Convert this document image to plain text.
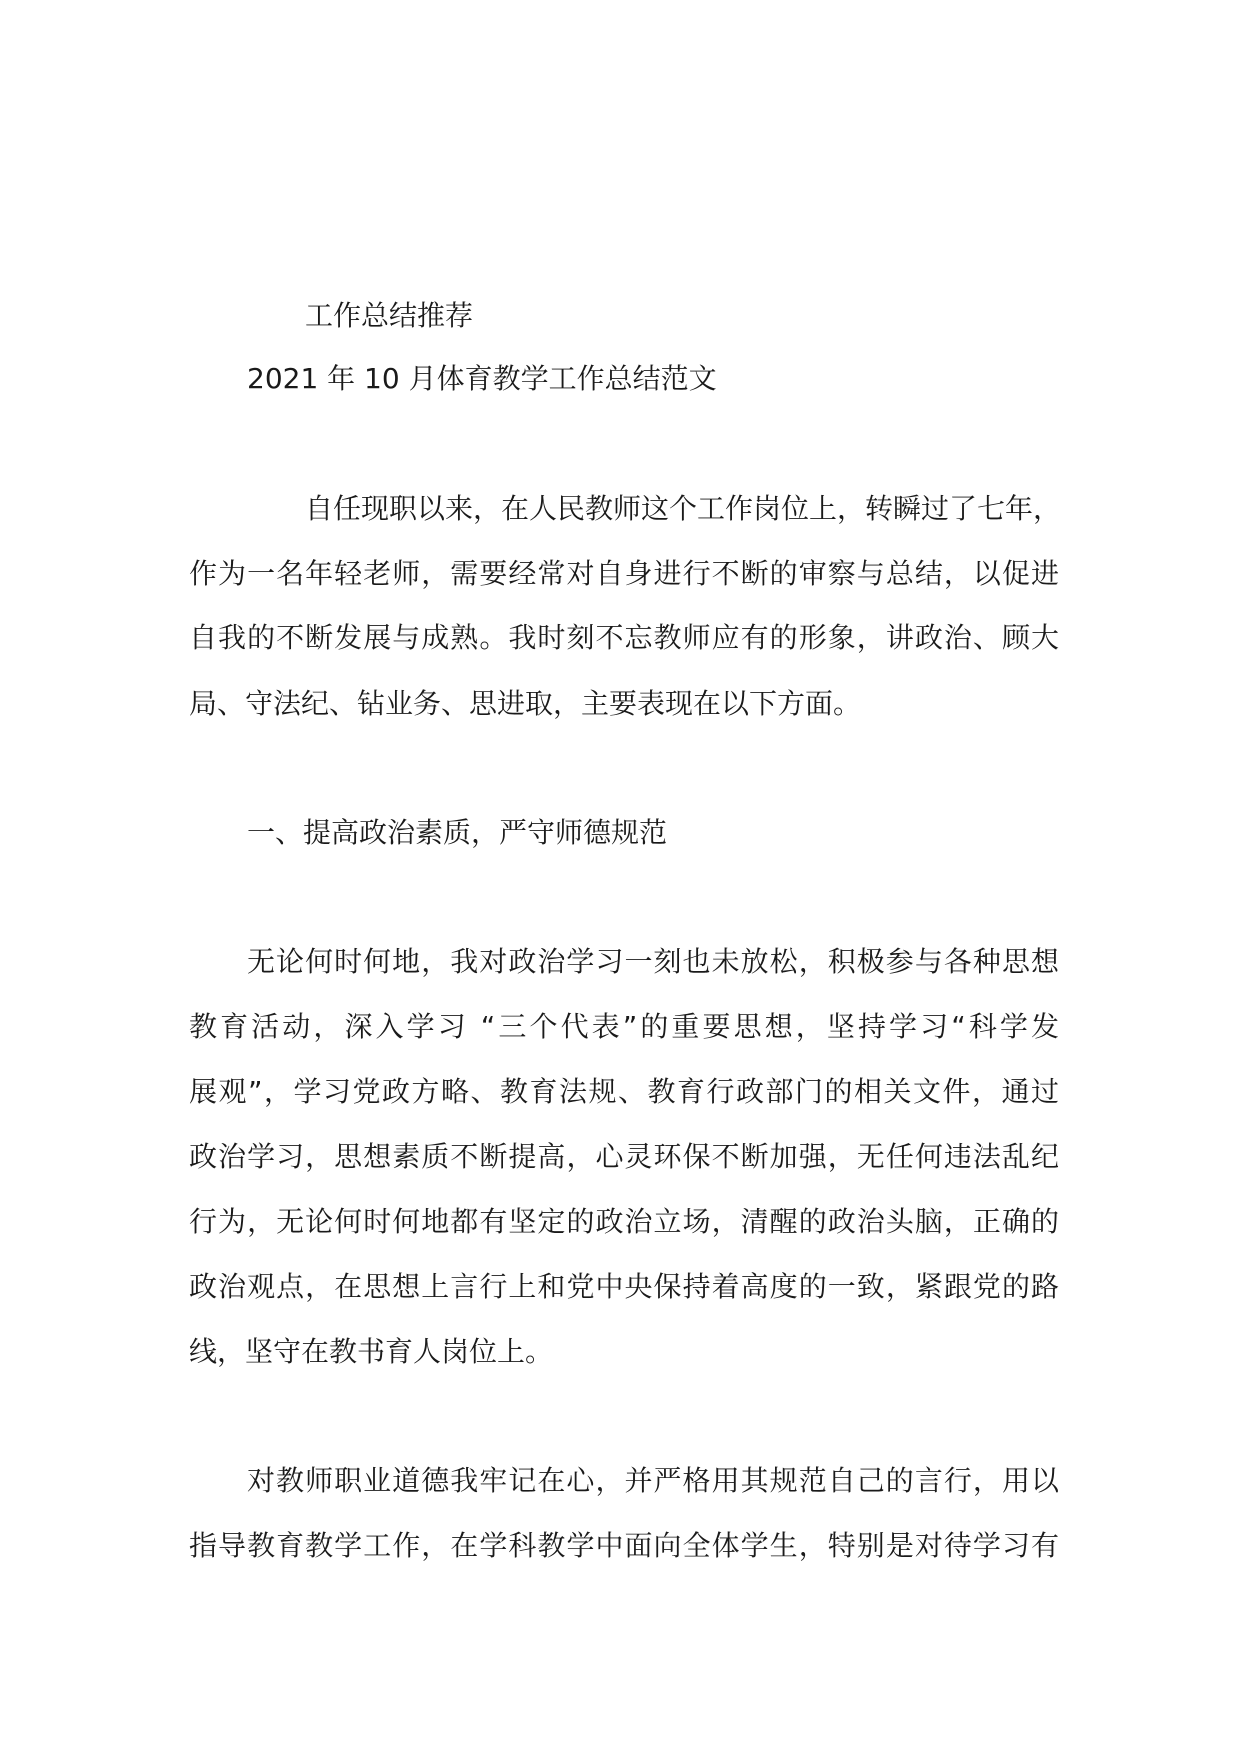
工作总结推荐
2021 年 10 月体育教学工作总结范文
自任现职以来，在人民教师这个工作岗位上，转瞬过了七年，
作为一名年轻老师，需要经常对自身进行不断的审察与总结，以促进
自我的不断发展与成熟。我时刻不忘教师应有的形象，讲政治、顾大
局、守法纪、钻业务、思进取，主要表现在以下方面。
一、提高政治素质，严守师德规范
无论何时何地，我对政治学习一刻也未放松，积极参与各种思想
教育活动，深入学习 “三个代表”的重要思想，坚持学习“科学发
展观”，学习党政方略、教育法规、教育行政部门的相关文件，通过
政治学习，思想素质不断提高，心灵环保不断加强，无任何违法乱纪
行为，无论何时何地都有坚定的政治立场，清醒的政治头脑，正确的
政治观点，在思想上言行上和党中央保持着高度的一致，紧跟党的路
线，坚守在教书育人岗位上。
对教师职业道德我牢记在心，并严格用其规范自己的言行，用以
指导教育教学工作，在学科教学中面向全体学生，特别是对待学习有
